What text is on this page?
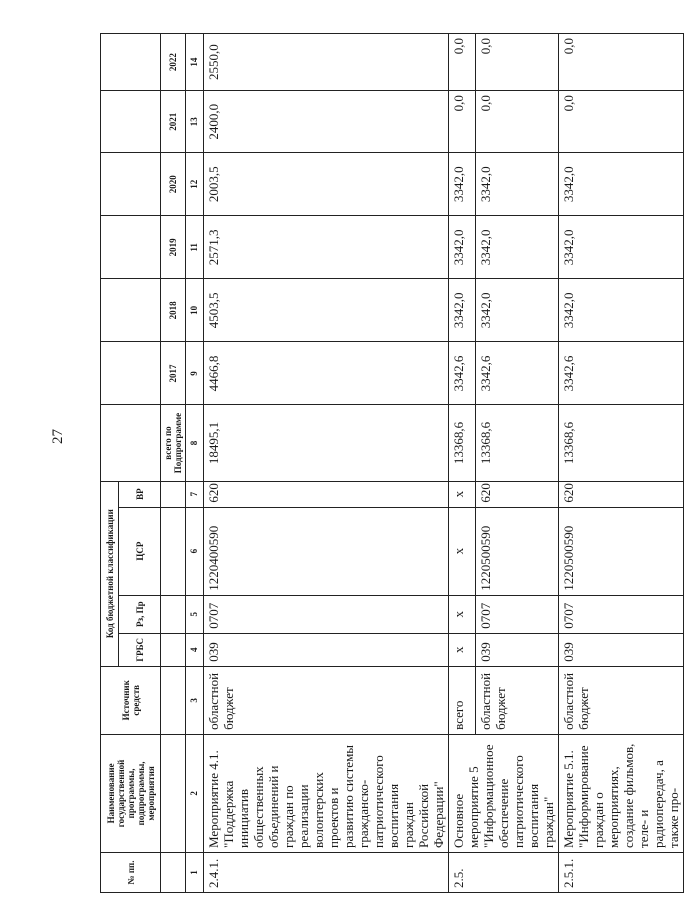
27
№ пп.	Наименование государственной программы, подпрограммы, мероприятия	Источник средств	Код бюджетной классификации										
			ГРБС	Рз, Пр	ЦСР	ВР							
							всего по Подпрограмме	2017	2018	2019	2020	2021	2022
1	2	3	4	5	6	7	8	9	10	11	12	13	14
2.4.1.	Мероприятие 4.1. "Поддержка инициатив общественных объединений и граждан по реализации волонтерских проектов и развитию системы гражданско-патриотического воспитания граждан Российской Федерации"	областной бюджет	039	0707	1220400590	620	18495,1	4466,8	4503,5	2571,3	2003,5	2400,0	2550,0
2.5.	Основное мероприятие 5 "Информационное обеспечение патриотического воспитания граждан"	всего	х	х	х	х	13368,6	3342,6	3342,0	3342,0	3342,0	0,0	0,0
		областной бюджет	039	0707	1220500590	620	13368,6	3342,6	3342,0	3342,0	3342,0	0,0	0,0
2.5.1.	Мероприятие 5.1. "Информирование граждан о мероприятиях, создание фильмов, теле- и радиопередач, а также про-	областной бюджет	039	0707	1220500590	620	13368,6	3342,6	3342,0	3342,0	3342,0	0,0	0,0
